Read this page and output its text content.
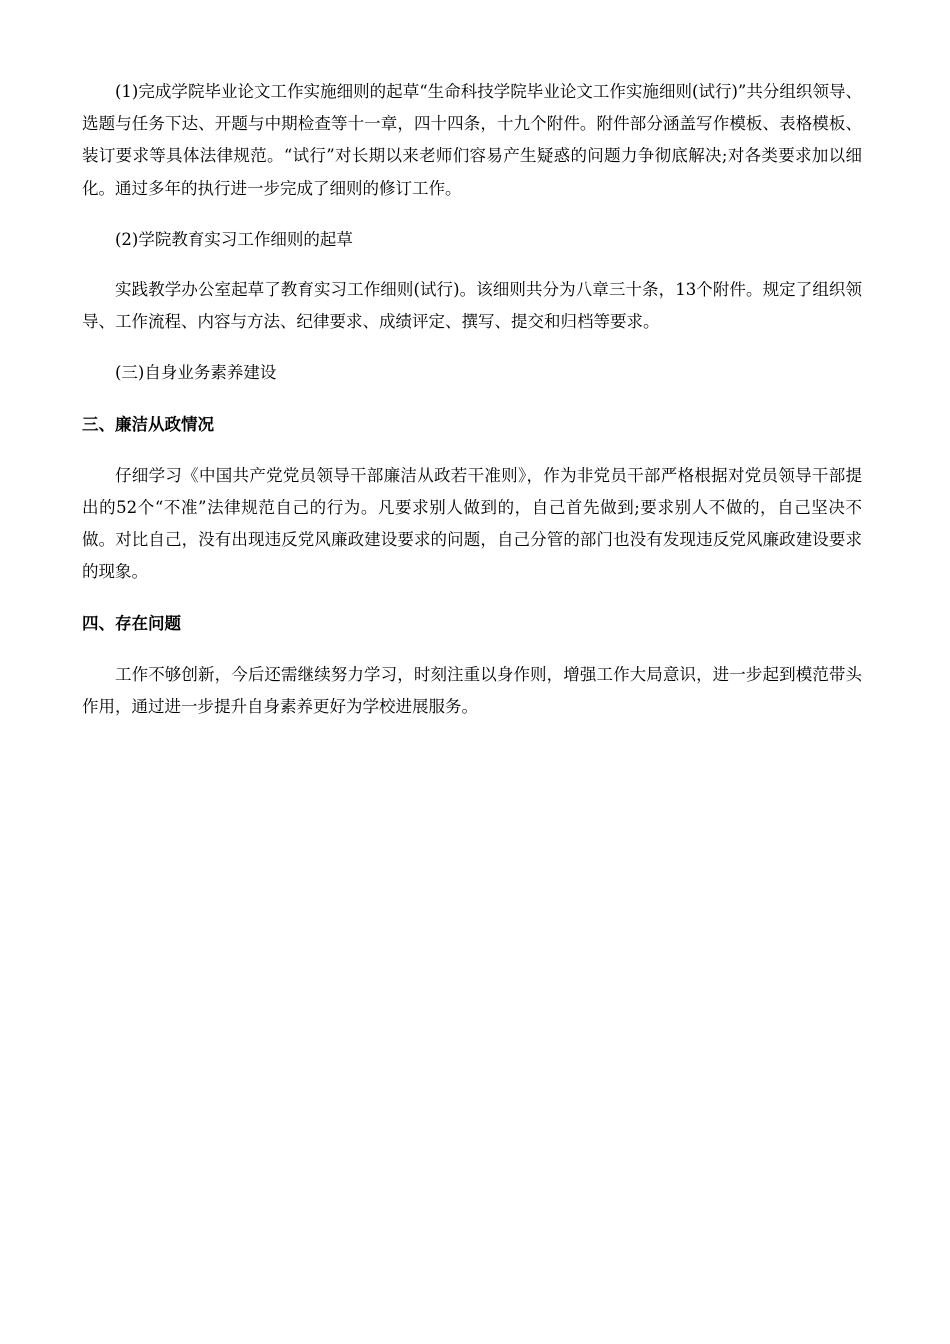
(1)完成学院毕业论文工作实施细则的起草“生命科技学院毕业论文工作实施细则(试行)”共分组织领导、选题与任务下达、开题与中期检查等十一章，四十四条，十九个附件。附件部分涵盖写作模板、表格模板、装订要求等具体法律规范。“试行”对长期以来老师们容易产生疑惑的问题力争彻底解决;对各类要求加以细化。通过多年的执行进一步完成了细则的修订工作。

(2)学院教育实习工作细则的起草

实践教学办公室起草了教育实习工作细则(试行)。该细则共分为八章三十条，13个附件。规定了组织领导、工作流程、内容与方法、纪律要求、成绩评定、撰写、提交和归档等要求。

(三)自身业务素养建设

三、廉洁从政情况

仔细学习《中国共产党党员领导干部廉洁从政若干准则》，作为非党员干部严格根据对党员领导干部提出的52个“不准”法律规范自己的行为。凡要求别人做到的，自己首先做到;要求别人不做的，自己坚决不做。对比自己，没有出现违反党风廉政建设要求的问题，自己分管的部门也没有发现违反党风廉政建设要求的现象。

四、存在问题

工作不够创新，今后还需继续努力学习，时刻注重以身作则，增强工作大局意识，进一步起到模范带头作用，通过进一步提升自身素养更好为学校进展服务。
